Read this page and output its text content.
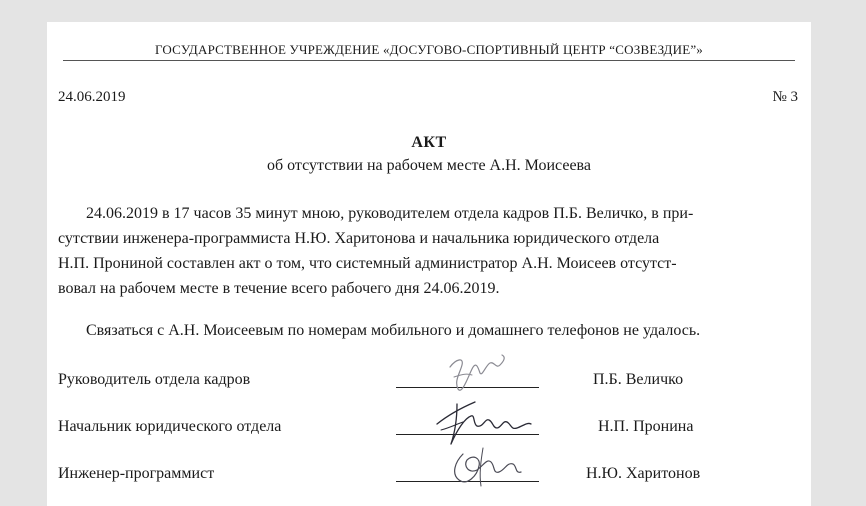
ГОСУДАРСТВЕННОЕ УЧРЕЖДЕНИЕ «ДОСУГОВО-СПОРТИВНЫЙ ЦЕНТР “СОЗВЕЗДИЕ”»
24.06.2019	№ 3
АКТ
об отсутствии на рабочем месте А.Н. Моисеева
24.06.2019 в 17 часов 35 минут мною, руководителем отдела кадров П.Б. Величко, в при-
сутствии инженера-программиста Н.Ю. Харитонова и начальника юридического отдела
Н.П. Прониной составлен акт о том, что системный администратор А.Н. Моисеев отсутст-
вовал на рабочем месте в течение всего рабочего дня 24.06.2019.
Связаться с А.Н. Моисеевым по номерам мобильного и домашнего телефонов не удалось.
Руководитель отдела кадров	П.Б. Величко
Начальник юридического отдела	Н.П. Пронина
Инженер-программист	Н.Ю. Харитонов
